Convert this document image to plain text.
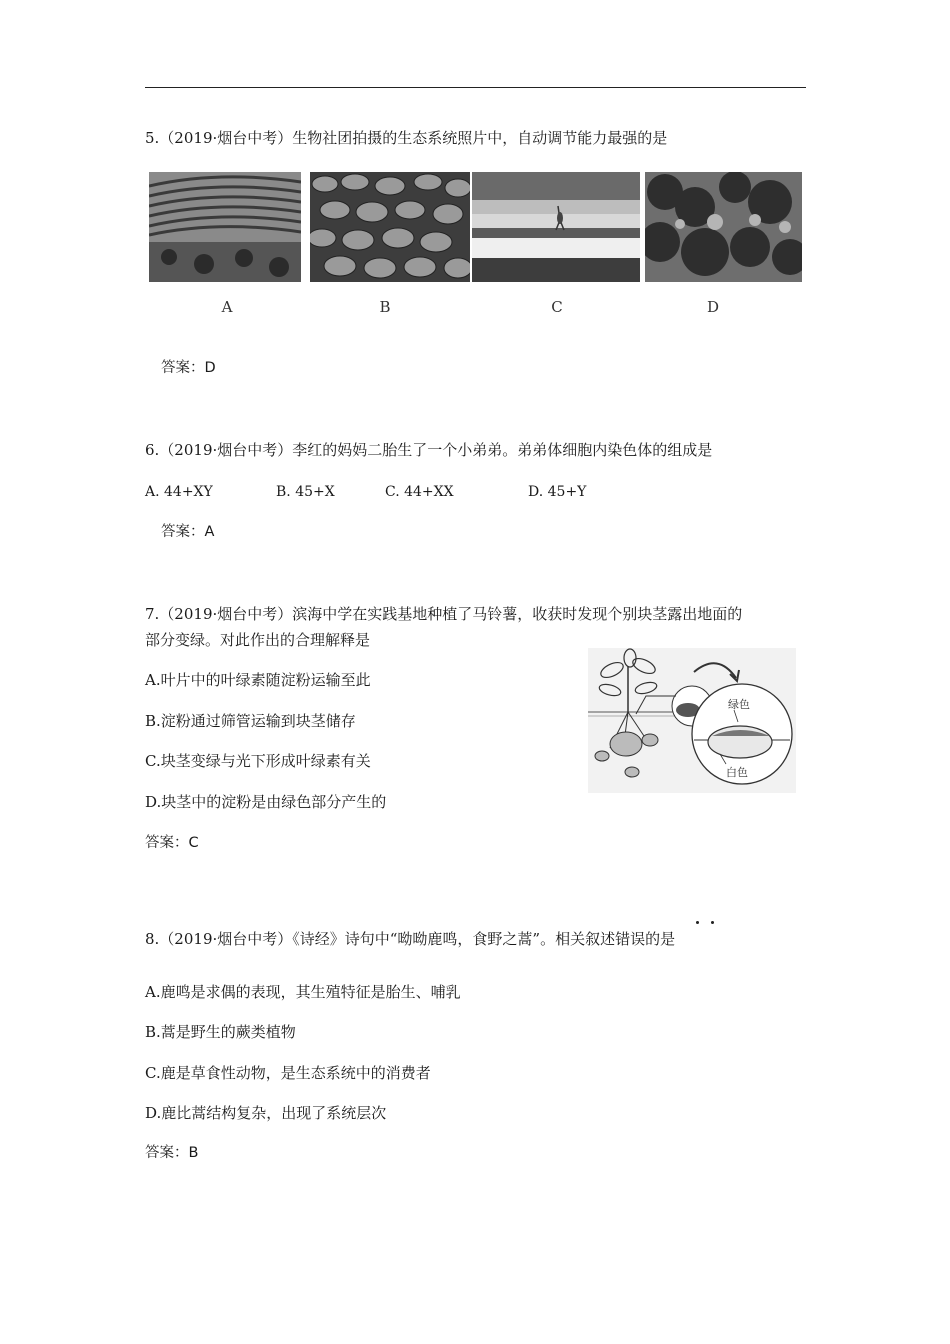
5.（2019·烟台中考）生物社团拍摄的生态系统照片中，自动调节能力最强的是
A	B	C	D
答案：D
6.（2019·烟台中考）李红的妈妈二胎生了一个小弟弟。弟弟体细胞内染色体的组成是
A. 44+XY	B. 45+X	C. 44+XX	D. 45+Y
答案：A
7.（2019·烟台中考）滨海中学在实践基地种植了马铃薯，收获时发现个别块茎露出地面的
部分变绿。对此作出的合理解释是
A.叶片中的叶绿素随淀粉运输至此
B.淀粉通过筛管运输到块茎储存
C.块茎变绿与光下形成叶绿素有关
D.块茎中的淀粉是由绿色部分产生的
绿色
白色
答案：C
8.（2019·烟台中考）《诗经》诗句中“呦呦鹿鸣，食野之蒿”。相关叙述错误的是
A.鹿鸣是求偶的表现，其生殖特征是胎生、哺乳
B.蒿是野生的蕨类植物
C.鹿是草食性动物，是生态系统中的消费者
D.鹿比蒿结构复杂，出现了系统层次
答案：B
